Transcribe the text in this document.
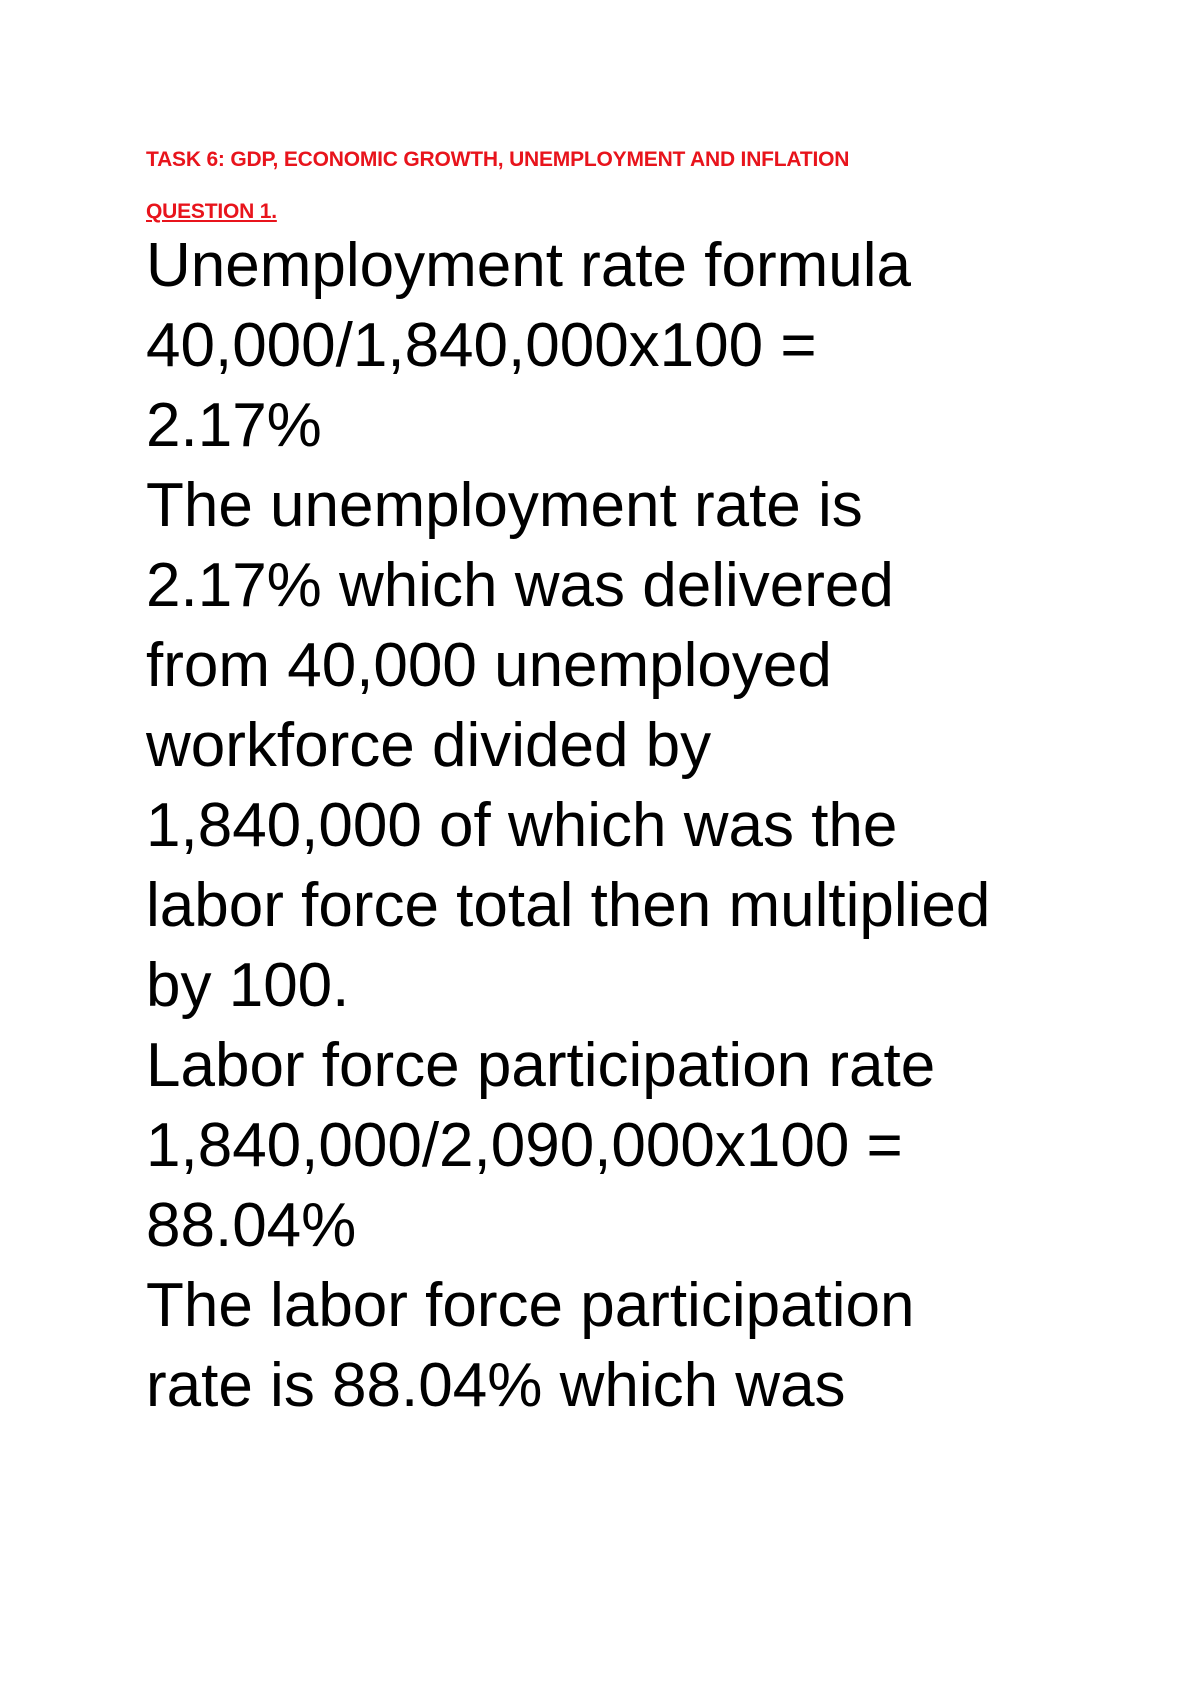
TASK 6: GDP, ECONOMIC GROWTH, UNEMPLOYMENT AND INFLATION

QUESTION 1.

Unemployment rate formula
40,000/1,840,000x100 =
2.17%
The unemployment rate is
2.17% which was delivered
from 40,000 unemployed
workforce divided by
1,840,000 of which was the
labor force total then multiplied
by 100.
Labor force participation rate
1,840,000/2,090,000x100 =
88.04%
The labor force participation
rate is 88.04% which was
